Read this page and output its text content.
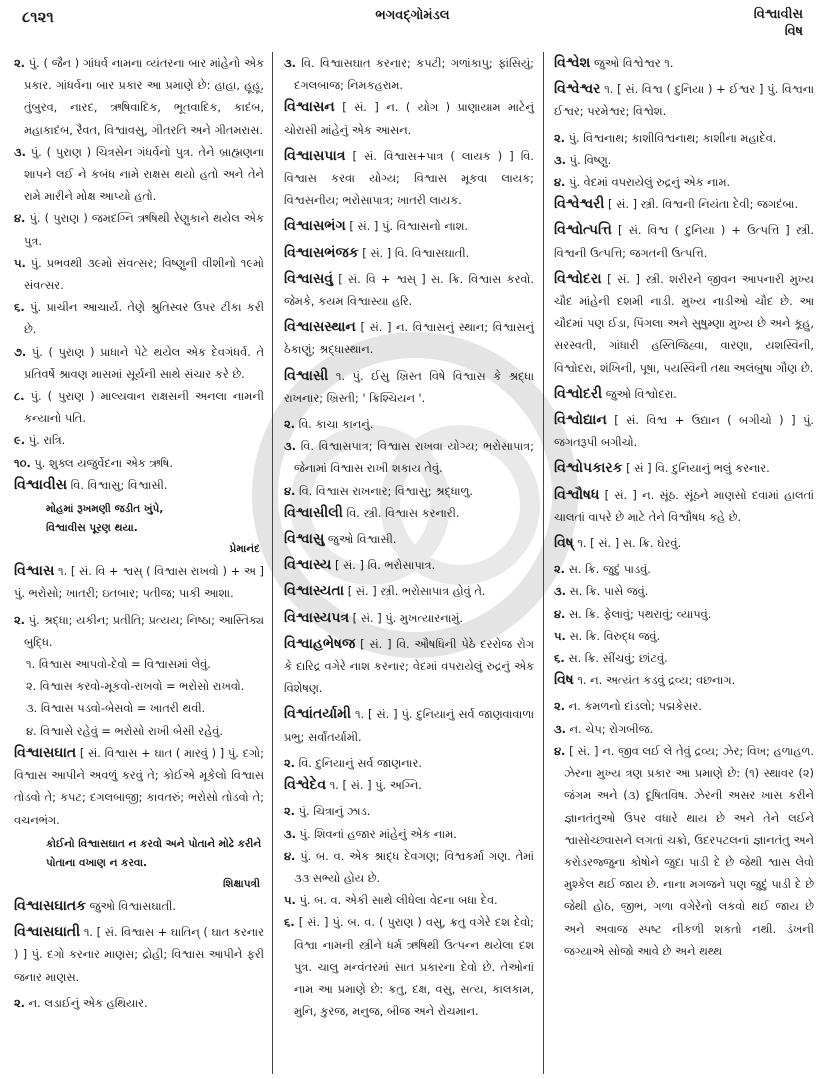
૮૧૨૧	ભગવદ્ગોમંડલ	વિશ્વાવીસ
વિષ

૨. પું. ( જૈન ) ગાંધર્વ નામના વ્યંતરના બાર માંહેનો એક પ્રકાર. ગાંધર્વના બાર પ્રકાર આ પ્રમાણે છે: હાહા, હૂહૂ, તુંબુરવ, નારદ, ઋષિવાદિક, ભૂતવાદિક, કાદંબ, મહાકાદંબ, રૈવત, વિશ્વાવસુ, ગીતરતિ અને ગીતમરાસ.

૩. પું. ( પુરાણ ) ચિત્રસેન ગંધર્વનો પુત્ર. તેને બ્રાહ્મણના શાપને લઈ ને કબંધ નામે રાક્ષસ થયો હતો અને તેને રામે મારીને મોક્ષ આપ્યો હતો.

૪. પું. ( પુરાણ ) જમદગ્નિ ઋષિથી રેણુકાને થયેલ એક પુત્ર.

૫. પું. પ્રભવથી ૩૯મો સંવત્સર; વિષ્ણુની વીશીનો ૧૯મો સંવત્સર.

૬. પું. પ્રાચીન આચાર્ય. તેણે શ્રુતિસ્વર ઉપર ટીકા કરી છે.

૭. પું. ( પુરાણ ) પ્રાધાને પેટે થયેલ એક દેવગંધર્વ. તે પ્રતિવર્ષે શ્રાવણ માસમાં સૂર્યની સાથે સંચાર કરે છે.

૮. પું. ( પુરાણ ) માલ્યવાન રાક્ષસની અનલા નામની કન્યાનો પતિ.

૯. પું. રાત્રિ.

૧૦. પુ. શુક્લ યજુર્વેદના એક ઋષિ.

વિશ્વાવીસ વિ. વિશ્વાસુ; વિશ્વાસી.

મોહમાં રૂખમણી જડીત ખુંપે,

વિશ્વાવીસ પૂરણ થયા.

પ્રેમાનંદ

વિશ્વાસ ૧. [ સં. વિ + શ્વસ્ ( વિશ્વાસ રાખવો ) + અ ] પું. ભરોસો; ખાતરી; ઇતબાર; પતીજ; પાકી આશા.

૨. પું. શ્રદ્ધા; યકીન; પ્રતીતિ; પ્રત્યય; નિષ્ઠા; આસ્તિક્ય બુદ્ધિ.

૧. વિશ્વાસ આપવો-દેવો = વિશ્વાસમાં લેવું.

૨. વિશ્વાસ કરવો-મૂકવો-રાખવો = ભરોસો રાખવો.

૩. વિશ્વાસ પડવો-બેસવો = ખાતરી થવી.

૪. વિશ્વાસે રહેવું = ભરોસો રાખી બેસી રહેવું.

વિશ્વાસઘાત [ સં. વિશ્વાસ + ઘાત ( મારવું ) ] પું. દગો; વિશ્વાસ આપીને અવળું કરવું તે; કોઈએ મૂકેલો વિશ્વાસ તોડવો તે; કપટ; દગલબાજી; કાવતરું; ભરોસો તોડવો તે; વચનભંગ.

કોઈનો વિશ્વાસઘાત ન કરવો અને પોતાને મોઢે કરીને પોતાના વખાણ ન કરવા.

શિક્ષાપત્રી

વિશ્વાસઘાતક જુઓ વિશ્વાસઘાતી.

વિશ્વાસઘાતી ૧. [ સં. વિશ્વાસ + ઘાતિન્ ( ઘાત કરનાર ) ] પું. દગો કરનાર માણસ; દ્રોહી; વિશ્વાસ આપીને ફરી જનાર માણસ.

૨. ન. લડાઈનું એક હથિયાર.

૩. વિ. વિશ્વાસઘાત કરનાર; કપટી; ગળાંકાપુ; ફાંસિયું; દગલબાજ; નિમકહરામ.

વિશ્વાસન [ સં. ] ન. ( યોગ ) પ્રાણાયામ માટેનું ચોરાસી માંહેનું એક આસન.

વિશ્વાસપાત્ર [ સં. વિશ્વાસ+પાત્ર ( લાયક ) ] વિ. વિશ્વાસ કરવા યોગ્ય; વિશ્વાસ મૂકવા લાયક; વિશ્વસનીય; ભરોસાપાત્ર; ખાતરી લાયક.

વિશ્વાસભંગ [ સં. ] પું. વિશ્વાસનો નાશ.

વિશ્વાસભંજક [ સં. ] વિ. વિશ્વાસઘાતી.

વિશ્વાસવું [ સં. વિ + શ્વસ્ ] સ. ક્રિ. વિશ્વાસ કરવો. જેમકે, કયમ વિશ્વાસ્યા હરિ.

વિશ્વાસસ્થાન [ સં. ] ન. વિશ્વાસનું સ્થાન; વિશ્વાસનું ઠેકાણું; શ્રદ્ધાસ્થાન.

વિશ્વાસી ૧. પું. ઈસુ ખ્રિસ્ત વિષે વિશ્વાસ કે શ્રદ્ધા રાખનાર; ખ્રિસ્તી; ' ક્રિશ્ચિયન '.

૨. વિ. કાચા કાનનું.

૩. વિ. વિશ્વાસપાત્ર; વિશ્વાસ રાખવા યોગ્ય; ભરોસાપાત્ર; જેનામાં વિશ્વાસ રાખી શકાય તેવું.

૪. વિ. વિશ્વાસ રાખનાર; વિશ્વાસુ; શ્રદ્ધાળુ.

વિશ્વાસીલી વિ. સ્ત્રી. વિશ્વાસ કરનારી.

વિશ્વાસુ જુઓ વિશ્વાસી.

વિશ્વાસ્ય [ સં. ] વિ. ભરોસાપાત્ર.

વિશ્વાસ્યતા [ સં. ] સ્ત્રી. ભરોસાપાત્ર હોવું તે.

વિશ્વાસ્યપત્ર [ સં. ] પું. મુખત્યારનામું.

વિશ્વાહભેષજ [ સં. ] વિ. ઔષધિની પેઠે દરરોજ રોગ કે દારિદ્ર વગેરે નાશ કરનાર; વેદમાં વપરાયેલું રુદ્રનું એક વિશેષણ.

વિશ્વાંતર્યામી ૧. [ સં. ] પું. દુનિયાનું સર્વ જાણવાવાળા પ્રભુ; સર્વાંતર્યામી.

૨. વિ. દુનિયાનું સર્વ જાણનાર.

વિશ્વેદેવ ૧. [ સં. ] પું. અગ્નિ.

૨. પું. ચિત્રાનું ઝાડ.

૩. પું. શિવનાં હજાર માંહેનું એક નામ.

૪. પું. બ. વ. એક શ્રાદ્ધ દેવગણ; વિશ્વકર્મા ગણ. તેમાં ૩૩ સભ્યો હોય છે.

૫. પું. બ. વ. એકી સાથે લીધેલા વેદના બધા દેવ.

૬. [ સં. ] પું. બ. વ. ( પુરાણ ) વસુ, ક્રતુ વગેરે દશ દેવો; વિશ્વા નામની સ્ત્રીને ધર્મ ઋષિથી ઉત્પન્ન થયેલા દશ પુત્ર. ચાલુ મન્વંતરમાં સાત પ્રકારના દેવો છે. તેઓનાં નામ આ પ્રમાણે છે: ક્રતુ, દક્ષ, વસુ, સત્ય, કાલકામ, મુનિ, કુરજ, મનુજ, બીજ અને રોચમાન.

વિશ્વેશ જુઓ વિશ્વેશ્વર ૧.

વિશ્વેશ્વર ૧. [ સં. વિશ્વ ( દુનિયા ) + ઈશ્વર ] પું. વિશ્વના ઈશ્વર; પરમેશ્વર; વિશ્વેશ.

૨. પું. વિશ્વનાથ; કાશીવિશ્વનાથ; કાશીના મહાદેવ.

૩. પું. વિષ્ણુ.

૪. પું. વેદમાં વપરાયેલું રુદ્રનું એક નામ.

વિશ્વેશ્વરી [ સં. ] સ્ત્રી. વિશ્વની નિયંતા દેવી; જગદંબા.

વિશ્વોત્પત્તિ [ સં. વિશ્વ ( દુનિયા ) + ઉત્પત્તિ ] સ્ત્રી. વિશ્વની ઉત્પત્તિ; જગતની ઉત્પત્તિ.

વિશ્વોદરા [ સં. ] સ્ત્રી. શરીરને જીવન આપનારી મુખ્ય ચૌદ માંહેની દશમી નાડી. મુખ્ય નાડીઓ ચૌદ છે. આ ચૌદમાં પણ ઈડા, પિંગલા અને સુષુમ્ણા મુખ્ય છે અને કૂહુ, સરસ્વતી, ગાંધારી હસ્તિજિહ્વા, વારણા, યશસ્વિની, વિશ્વોદરા, શંખિની, પૂષા, પયસ્વિની તથા અલંબુષા ગૌણ છે.

વિશ્વોદરી જુઓ વિશ્વોદરા.

વિશ્વોદ્યાન [ સં. વિશ્વ + ઉદ્યાન ( બગીચો ) ] પું. જગતરૂપી બગીચો.

વિશ્વોપકારક [ સં ] વિ. દુનિયાનું ભલું કરનાર.

વિશ્વૌષધ [ સં. ] ન. સૂંઠ. સૂંઠને માણસો દવામાં હાલતાં ચાલતાં વાપરે છે માટે તેને વિશ્વૌષધ કહે છે.

વિષ્ ૧. [ સં. ] સ. ક્રિ. ઘેરવું.

૨. સ. ક્રિ. જુદું પાડવું.

૩. સ. ક્રિ. પાસે જવું.

૪. સ. ક્રિ. ફેલાવું; પથરાવું; વ્યાપવું.

૫. સ. ક્રિ. વિરુદ્ધ જવું.

૬. સ. ક્રિ. સીંચવું; છાંટવું.

વિષ ૧. ન. અત્યંત કડવું દ્રવ્ય; વછનાગ.

૨. ન. કમળનો દાંડલો; પદ્મકેસર.

૩. ન. ચેપ; રોગબીજ.

૪. [ સં. ] ન. જીવ લઈ લે તેવું દ્રવ્ય; ઝેર; વિખ; હળાહળ. ઝેરના મુખ્ય ત્રણ પ્રકાર આ પ્રમાણે છે: (૧) સ્થાવર (૨) જંગમ અને (૩) દૂષિતવિષ. ઝેરની અસર ખાસ કરીને જ્ઞાનતંતુઓ ઉપર વધારે થાય છે અને તેને લઈને શ્વાસોચ્છ્વાસને લગતાં ચક્રો, ઉદરપટલનાં જ્ઞાનતંતુ અને કરોડરજ્જુના કોષોને જુદા પાડી દે છે જેથી શ્વાસ લેવો મુશ્કેલ થઈ જાય છે. નાના મગજને પણ જુદું પાડી દે છે જેથી હોઠ, જીભ, ગળા વગેરેનો લકવો થઈ જાય છે અને અવાજ સ્પષ્ટ નીકળી શકતો નથી. ડંખની જગ્યાએ સોજો આવે છે અને થથ્થ
